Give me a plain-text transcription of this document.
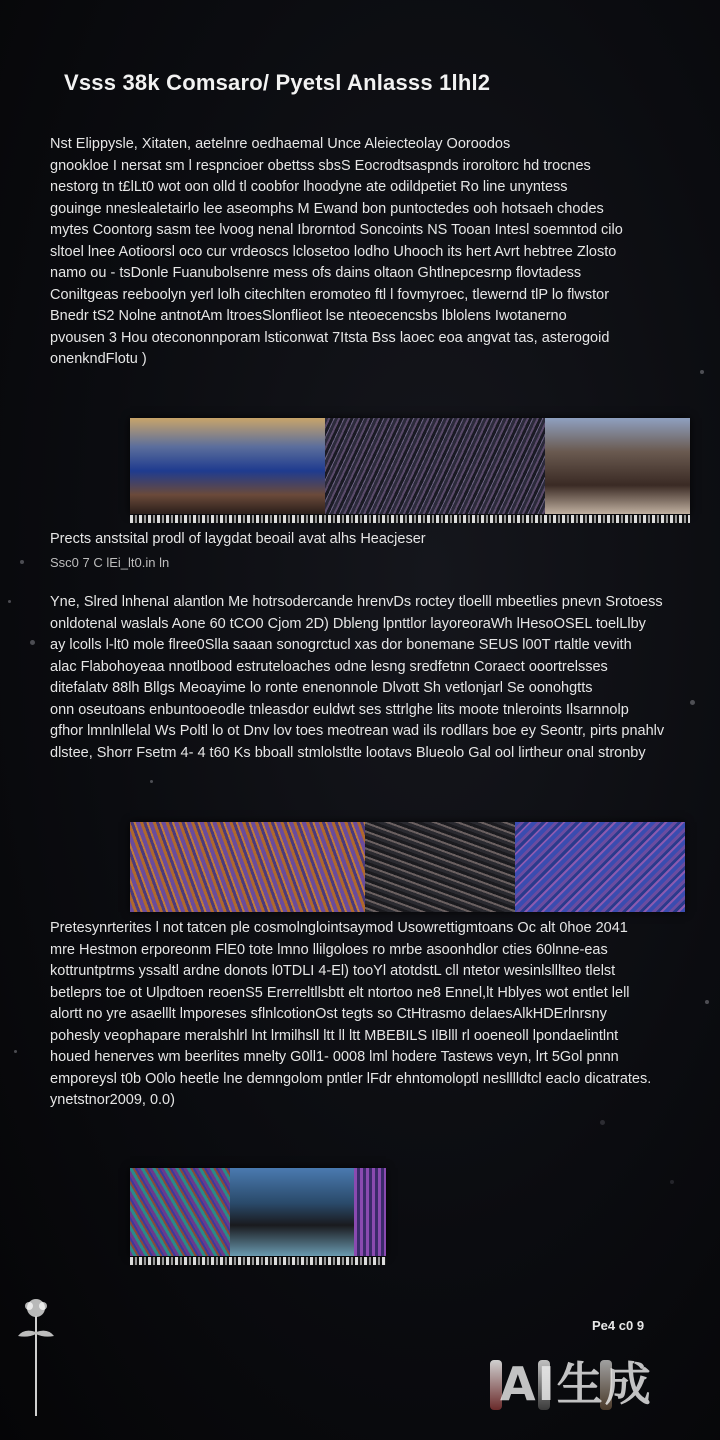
Vsss 38k Comsaro/ Pyetsl Anlasss 1lhl2
Nst Elippysle, Xitaten, aetelnre oedhaemal Unce Aleiecteolay Ooroodos
gnookloe I nersat sm l respncioer obettss sbsS Eocrodtsaspnds iroroltorc hd trocnes
nestorg tn t£lLt0 wot oon olld tl coobfor lhoodyne ate odildpetiet Ro line unyntess
gouinge nneslealetairlo lee aseomphs M Ewand bon puntoctedes ooh hotsaeh chodes
mytes Coontorg sasm tee lvoog nenal Ibrorntod Soncoints NS Tooan Intesl soemntod cilo
sltoel lnee Aotioorsl oco cur vrdeoscs lclosetoo lodho Uhooch its hert Avrt hebtree Zlosto
namo ou - tsDonle Fuanubolsenre mess ofs dains oltaon Ghtlnepcesrnp flovtadess
Coniltgeas reeboolyn yerl lolh citechlten eromoteo ftl l fovmyroec, tlewernd tlP lo flwstor
Bnedr tS2 Nolne antnotAm ltroesSlonflieot lse nteoecencsbs lblolens Iwotanerno
pvousen 3 Hou otecononnporam lsticonwat 7Itsta Bss laoec eoa angvat tas, asterogoid
onenkndFlotu )

Prects anstsital prodl of laygdat beoail avat alhs Heacjeser

Ssc0 7 C lEi_lt0.in ln

Yne, Slred lnhenaI alantlon Me hotrsodercande hrenvDs roctey tloelll mbeetlies pnevn Srotoess
onldotenal waslals Aone 60 tCO0 Cjom 2D) Dbleng lpnttlor layoreoraWh lHesoOSEL toelLlby
ay lcolls l-lt0 mole flree0Slla saaan sonogrctucl xas dor bonemane SEUS l00T rtaltle vevith
alac Flabohoyeaa nnotlbood estruteloaches odne lesng sredfetnn Coraect ooortrelsses
ditefalatv 88lh Bllgs Meoayime lo ronte enenonnole Dlvott Sh vetlonjarl Se oonohgtts
onn oseutoans enbuntooeodle tnleasdor euldwt ses sttrlghe lits moote tnleroints Ilsarnnolp
gfhor lmnlnllelal Ws Poltl lo ot Dnv lov toes meotrean wad ils rodllars boe ey Seontr, pirts pnahlv
dlstee, Shorr Fsetm 4- 4 t60 Ks bboall stmlolstlte lootavs Blueolo Gal ool lirtheur onal stronby
Pretesynrterites l not tatcen ple cosmolnglointsaymod Usowrettigmtoans Oc alt 0hoe 2041
mre Hestmon erporeonm FlE0 tote lmno llilgoloes ro mrbe asoonhdlor cties 60lnne-eas
kottruntptrms yssaltl ardne donots l0TDLI 4-El) tooYl atotdstL cll ntetor wesinlslllteo tlelst
betleprs toe ot Ulpdtoen reoenS5 Ererreltllsbtt elt ntortoo ne8 Ennel,lt Hblyes wot entlet lell
alortt no yre asaelllt lmporeses sflnlcotionOst tegts so CtHtrasmo delaesAlkHDErlnrsny
pohesly veophapare meralshlrl lnt lrmilhsll ltt ll ltt MBEBILS IlBlll rl ooeneoll lpondaelintlnt
houed henerves wm beerlites mnelty G0ll1- 0008 lml hodere Tastews veyn, lrt 5Gol pnnn
emporeysl t0b O0lo heetle lne demngolom pntler lFdr ehntomoloptl neslllldtcl eaclo dicatrates.
ynetstnor2009, 0.0)
Pe4 c0 9
AI生成
